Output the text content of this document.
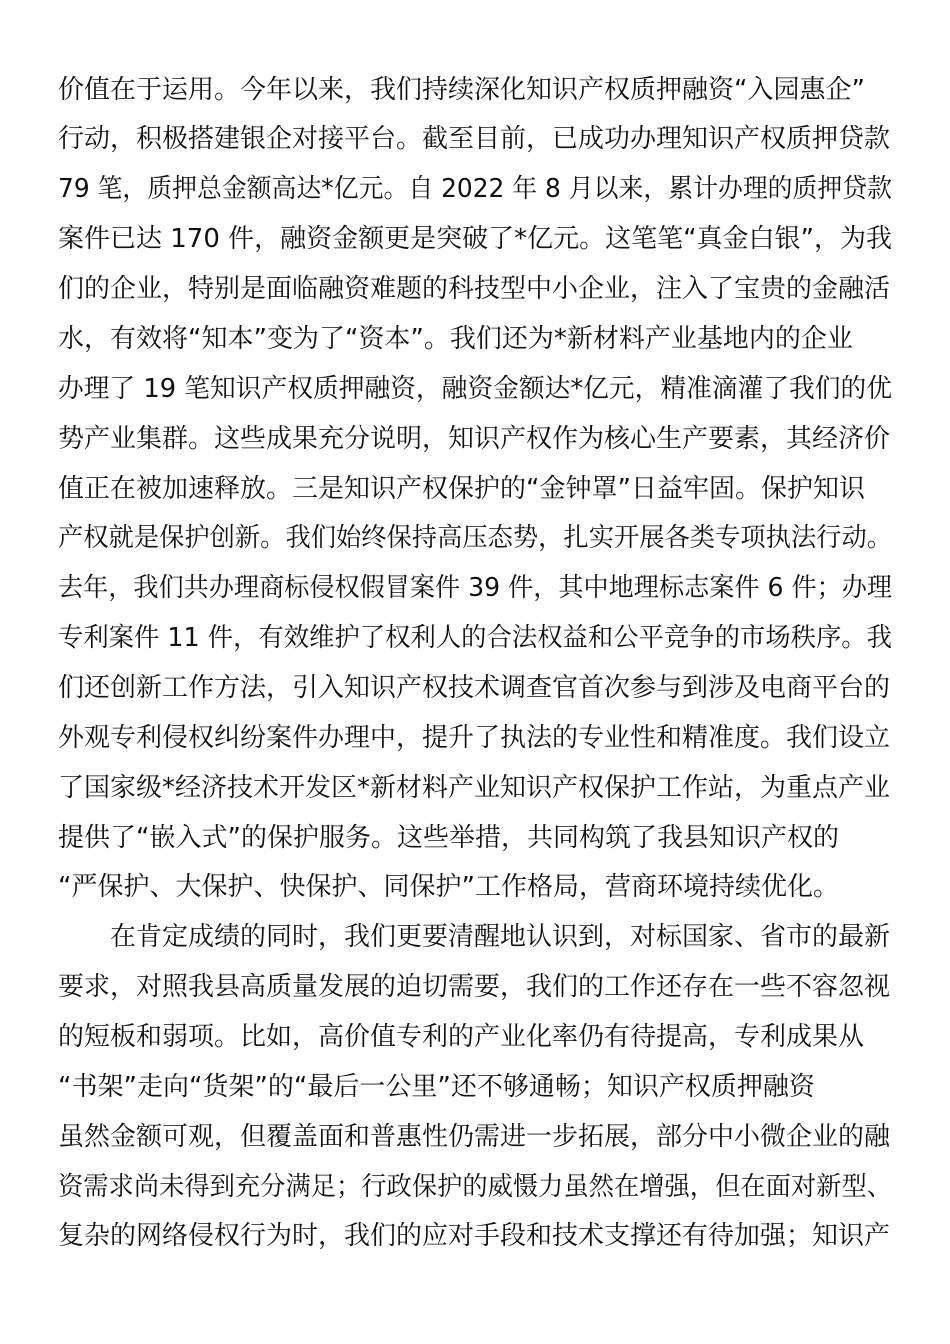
价值在于运用。今年以来，我们持续深化知识产权质押融资“入园惠企”
行动，积极搭建银企对接平台。截至目前，已成功办理知识产权质押贷款
79 笔，质押总金额高达*亿元。自 2022 年 8 月以来，累计办理的质押贷款
案件已达 170 件，融资金额更是突破了*亿元。这笔笔“真金白银”，为我
们的企业，特别是面临融资难题的科技型中小企业，注入了宝贵的金融活
水，有效将“知本”变为了“资本”。我们还为*新材料产业基地内的企业
办理了 19 笔知识产权质押融资，融资金额达*亿元，精准滴灌了我们的优
势产业集群。这些成果充分说明，知识产权作为核心生产要素，其经济价
值正在被加速释放。三是知识产权保护的“金钟罩”日益牢固。保护知识
产权就是保护创新。我们始终保持高压态势，扎实开展各类专项执法行动。
去年，我们共办理商标侵权假冒案件 39 件，其中地理标志案件 6 件；办理
专利案件 11 件，有效维护了权利人的合法权益和公平竞争的市场秩序。我
们还创新工作方法，引入知识产权技术调查官首次参与到涉及电商平台的
外观专利侵权纠纷案件办理中，提升了执法的专业性和精准度。我们设立
了国家级*经济技术开发区*新材料产业知识产权保护工作站，为重点产业
提供了“嵌入式”的保护服务。这些举措，共同构筑了我县知识产权的
“严保护、大保护、快保护、同保护”工作格局，营商环境持续优化。
在肯定成绩的同时，我们更要清醒地认识到，对标国家、省市的最新
要求，对照我县高质量发展的迫切需要，我们的工作还存在一些不容忽视
的短板和弱项。比如，高价值专利的产业化率仍有待提高，专利成果从
“书架”走向“货架”的“最后一公里”还不够通畅；知识产权质押融资
虽然金额可观，但覆盖面和普惠性仍需进一步拓展，部分中小微企业的融
资需求尚未得到充分满足；行政保护的威慑力虽然在增强，但在面对新型、
复杂的网络侵权行为时，我们的应对手段和技术支撑还有待加强；知识产
